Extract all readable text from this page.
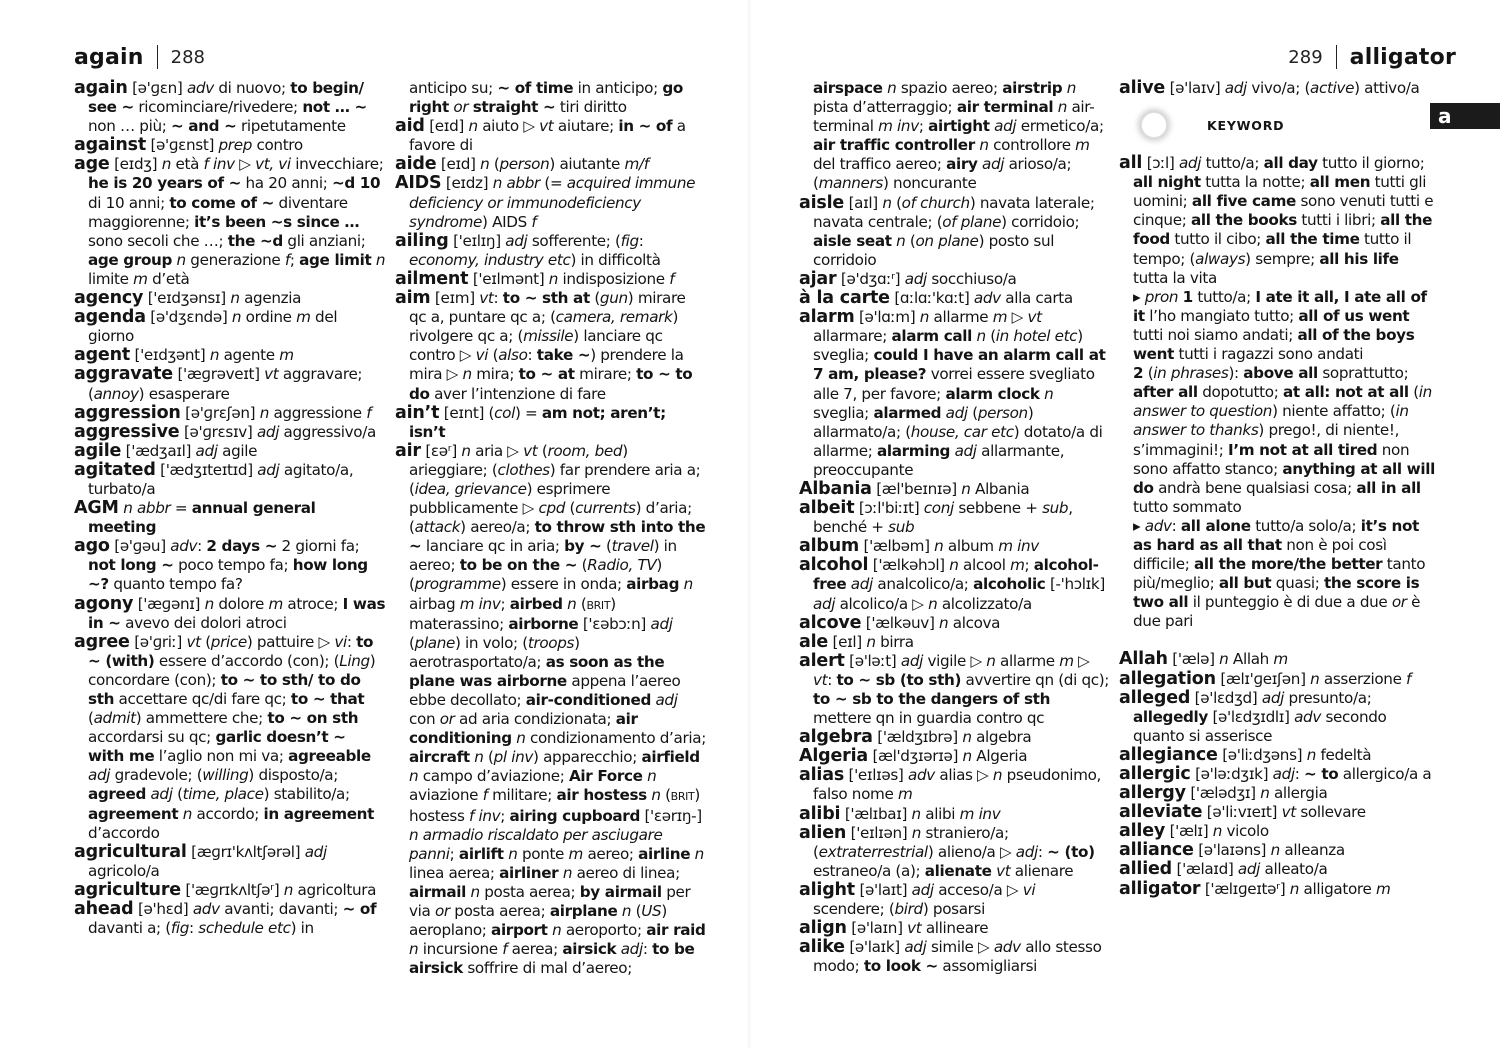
again 288

again [ə'ɡɛn] adv di nuovo; to begin/ see ~ ricominciare/rivedere; not … ~ non … più; ~ and ~ ripetutamente

against [ə'ɡɛnst] prep contro

age [eɪdʒ] n età f inv ▷ vt, vi invecchiare; he is 20 years of ~ ha 20 anni; ~d 10 di 10 anni; to come of ~ diventare maggiorenne; it’s been ~s since … sono secoli che …; the ~d gli anziani; age group n generazione f; age limit n limite m d’età

agency ['eɪdʒənsɪ] n agenzia

agenda [ə'dʒɛndə] n ordine m del giorno

agent ['eɪdʒənt] n agente m

aggravate ['æɡrəveɪt] vt aggravare; (annoy) esasperare

aggression [ə'ɡrɛʃən] n aggressione f

aggressive [ə'ɡrɛsɪv] adj aggressivo/a

agile ['ædʒaɪl] adj agile

agitated ['ædʒɪteɪtɪd] adj agitato/a, turbato/a

AGM n abbr = annual general meeting

ago [ə'ɡəu] adv: 2 days ~ 2 giorni fa; not long ~ poco tempo fa; how long ~? quanto tempo fa?

agony ['æɡənɪ] n dolore m atroce; I was in ~ avevo dei dolori atroci

agree [ə'ɡriː] vt (price) pattuire ▷ vi: to ~ (with) essere d’accordo (con); (Ling) concordare (con); to ~ to sth/ to do sth accettare qc/di fare qc; to ~ that (admit) ammettere che; to ~ on sth accordarsi su qc; garlic doesn’t ~ with me l’aglio non mi va; agreeable adj gradevole; (willing) disposto/a; agreed adj (time, place) stabilito/a; agreement n accordo; in agreement d’accordo

agricultural [æɡrɪ'kʌltʃərəl] adj agricolo/a

agriculture ['æɡrɪkʌltʃəʳ] n agricoltura

ahead [ə'hɛd] adv avanti; davanti; ~ of davanti a; (fig: schedule etc) in

anticipo su; ~ of time in anticipo; go right or straight ~ tiri diritto

aid [eɪd] n aiuto ▷ vt aiutare; in ~ of a favore di

aide [eɪd] n (person) aiutante m/f

AIDS [eɪdz] n abbr (= acquired immune deficiency or immunodeficiency syndrome) AIDS f

ailing ['eɪlɪŋ] adj sofferente; (fig: economy, industry etc) in difficoltà

ailment ['eɪlmənt] n indisposizione f

aim [eɪm] vt: to ~ sth at (gun) mirare qc a, puntare qc a; (camera, remark) rivolgere qc a; (missile) lanciare qc contro ▷ vi (also: take ~) prendere la mira ▷ n mira; to ~ at mirare; to ~ to do aver l’intenzione di fare

ain’t [eɪnt] (col) = am not; aren’t; isn’t

air [ɛəʳ] n aria ▷ vt (room, bed) arieggiare; (clothes) far prendere aria a; (idea, grievance) esprimere pubblicamente ▷ cpd (currents) d’aria; (attack) aereo/a; to throw sth into the ~ lanciare qc in aria; by ~ (travel) in aereo; to be on the ~ (Radio, TV) (programme) essere in onda; airbag n airbag m inv; airbed n (BRIT) materassino; airborne ['ɛəbɔːn] adj (plane) in volo; (troops) aerotrasportato/a; as soon as the plane was airborne appena l’aereo ebbe decollato; air-conditioned adj con or ad aria condizionata; air conditioning n condizionamento d’aria; aircraft n (pl inv) apparecchio; airfield n campo d’aviazione; Air Force n aviazione f militare; air hostess n (BRIT) hostess f inv; airing cupboard ['ɛərɪŋ-] n armadio riscaldato per asciugare panni; airlift n ponte m aereo; airline n linea aerea; airliner n aereo di linea; airmail n posta aerea; by airmail per via or posta aerea; airplane n (US) aeroplano; airport n aeroporto; air raid n incursione f aerea; airsick adj: to be airsick soffrire di mal d’aereo;

289 alligator

airspace n spazio aereo; airstrip n pista d’atterraggio; air terminal n air-terminal m inv; airtight adj ermetico/a; air traffic controller n controllore m del traffico aereo; airy adj arioso/a; (manners) noncurante

aisle [aɪl] n (of church) navata laterale; navata centrale; (of plane) corridoio; aisle seat n (on plane) posto sul corridoio

ajar [ə'dʒɑːʳ] adj socchiuso/a

à la carte [ɑːlɑː'kɑːt] adv alla carta

alarm [ə'lɑːm] n allarme m ▷ vt allarmare; alarm call n (in hotel etc) sveglia; could I have an alarm call at 7 am, please? vorrei essere svegliato alle 7, per favore; alarm clock n sveglia; alarmed adj (person) allarmato/a; (house, car etc) dotato/a di allarme; alarming adj allarmante, preoccupante

Albania [æl'beɪnɪə] n Albania

albeit [ɔːl'biːɪt] conj sebbene + sub, benché + sub

album ['ælbəm] n album m inv

alcohol ['ælkəhɔl] n alcool m; alcohol-free adj analcolico/a; alcoholic [-'hɔlɪk] adj alcolico/a ▷ n alcolizzato/a

alcove ['ælkəuv] n alcova

ale [eɪl] n birra

alert [ə'ləːt] adj vigile ▷ n allarme m ▷ vt: to ~ sb (to sth) avvertire qn (di qc); to ~ sb to the dangers of sth mettere qn in guardia contro qc

algebra ['ældʒɪbrə] n algebra

Algeria [æl'dʒɪərɪə] n Algeria

alias ['eɪlɪəs] adv alias ▷ n pseudonimo, falso nome m

alibi ['ælɪbaɪ] n alibi m inv

alien ['eɪlɪən] n straniero/a; (extraterrestrial) alieno/a ▷ adj: ~ (to) estraneo/a (a); alienate vt alienare

alight [ə'laɪt] adj acceso/a ▷ vi scendere; (bird) posarsi

align [ə'laɪn] vt allineare

alike [ə'laɪk] adj simile ▷ adv allo stesso modo; to look ~ assomigliarsi

alive [ə'laɪv] adj vivo/a; (active) attivo/a

KEYWORD

all [ɔːl] adj tutto/a; all day tutto il giorno; all night tutta la notte; all men tutti gli uomini; all five came sono venuti tutti e cinque; all the books tutti i libri; all the food tutto il cibo; all the time tutto il tempo; (always) sempre; all his life tutta la vita

▸ pron 1 tutto/a; I ate it all, I ate all of it l’ho mangiato tutto; all of us went tutti noi siamo andati; all of the boys went tutti i ragazzi sono andati

2 (in phrases): above all soprattutto; after all dopotutto; at all: not at all (in answer to question) niente affatto; (in answer to thanks) prego!, di niente!, s’immagini!; I’m not at all tired non sono affatto stanco; anything at all will do andrà bene qualsiasi cosa; all in all tutto sommato

▸ adv: all alone tutto/a solo/a; it’s not as hard as all that non è poi così difficile; all the more/the better tanto più/meglio; all but quasi; the score is two all il punteggio è di due a due or è due pari

Allah ['ælə] n Allah m

allegation [ælɪ'ɡeɪʃən] n asserzione f

alleged [ə'lɛdʒd] adj presunto/a; allegedly [ə'lɛdʒɪdlɪ] adv secondo quanto si asserisce

allegiance [ə'liːdʒəns] n fedeltà

allergic [ə'ləːdʒɪk] adj: ~ to allergico/a a

allergy ['ælədʒɪ] n allergia

alleviate [ə'liːvɪeɪt] vt sollevare

alley ['ælɪ] n vicolo

alliance [ə'laɪəns] n alleanza

allied ['ælaɪd] adj alleato/a

alligator ['ælɪɡeɪtəʳ] n alligatore m

a
